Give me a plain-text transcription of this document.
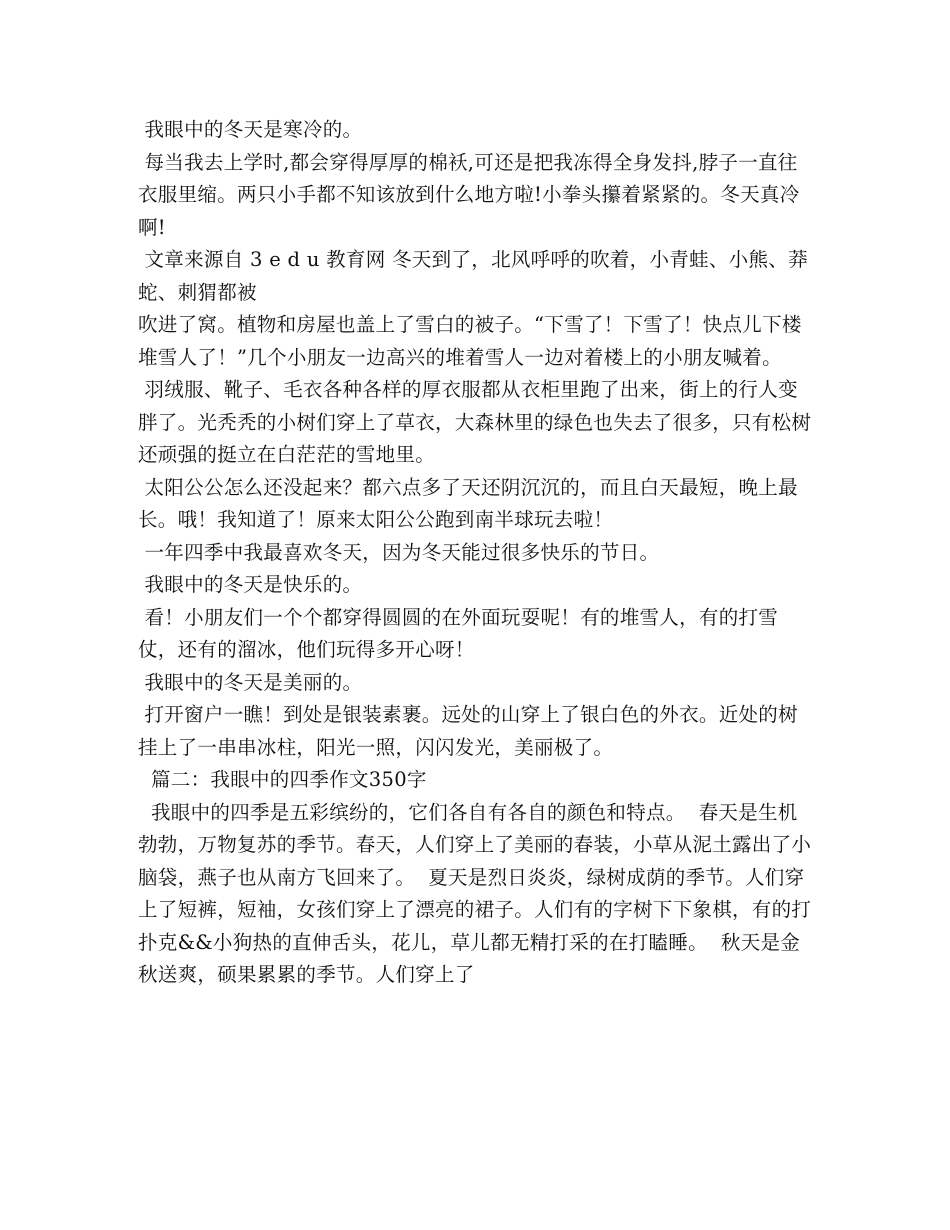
我眼中的冬天是寒冷的。

每当我去上学时,都会穿得厚厚的棉袄,可还是把我冻得全身发抖,脖子一直往衣服里缩。两只小手都不知该放到什么地方啦!小拳头攥着紧紧的。冬天真冷啊!

文章来源自 3 e d u 教育网 冬天到了，北风呼呼的吹着，小青蛙、小熊、莽蛇、刺猬都被

吹进了窝。植物和房屋也盖上了雪白的被子。“下雪了！下雪了！快点儿下楼堆雪人了！”几个小朋友一边高兴的堆着雪人一边对着楼上的小朋友喊着。

羽绒服、靴子、毛衣各种各样的厚衣服都从衣柜里跑了出来，街上的行人变胖了。光秃秃的小树们穿上了草衣，大森林里的绿色也失去了很多，只有松树还顽强的挺立在白茫茫的雪地里。

太阳公公怎么还没起来？都六点多了天还阴沉沉的，而且白天最短，晚上最长。哦！我知道了！原来太阳公公跑到南半球玩去啦！

一年四季中我最喜欢冬天，因为冬天能过很多快乐的节日。

我眼中的冬天是快乐的。

看！小朋友们一个个都穿得圆圆的在外面玩耍呢！有的堆雪人，有的打雪仗，还有的溜冰，他们玩得多开心呀！

我眼中的冬天是美丽的。

打开窗户一瞧！到处是银装素裹。远处的山穿上了银白色的外衣。近处的树挂上了一串串冰柱，阳光一照，闪闪发光，美丽极了。

篇二：我眼中的四季作文350字

我眼中的四季是五彩缤纷的，它们各自有各自的颜色和特点。  春天是生机勃勃，万物复苏的季节。春天，人们穿上了美丽的春装，小草从泥土露出了小脑袋，燕子也从南方飞回来了。  夏天是烈日炎炎，绿树成荫的季节。人们穿上了短裤，短袖，女孩们穿上了漂亮的裙子。人们有的字树下下象棋，有的打扑克&&小狗热的直伸舌头，花儿，草儿都无精打采的在打瞌睡。  秋天是金秋送爽，硕果累累的季节。人们穿上了
